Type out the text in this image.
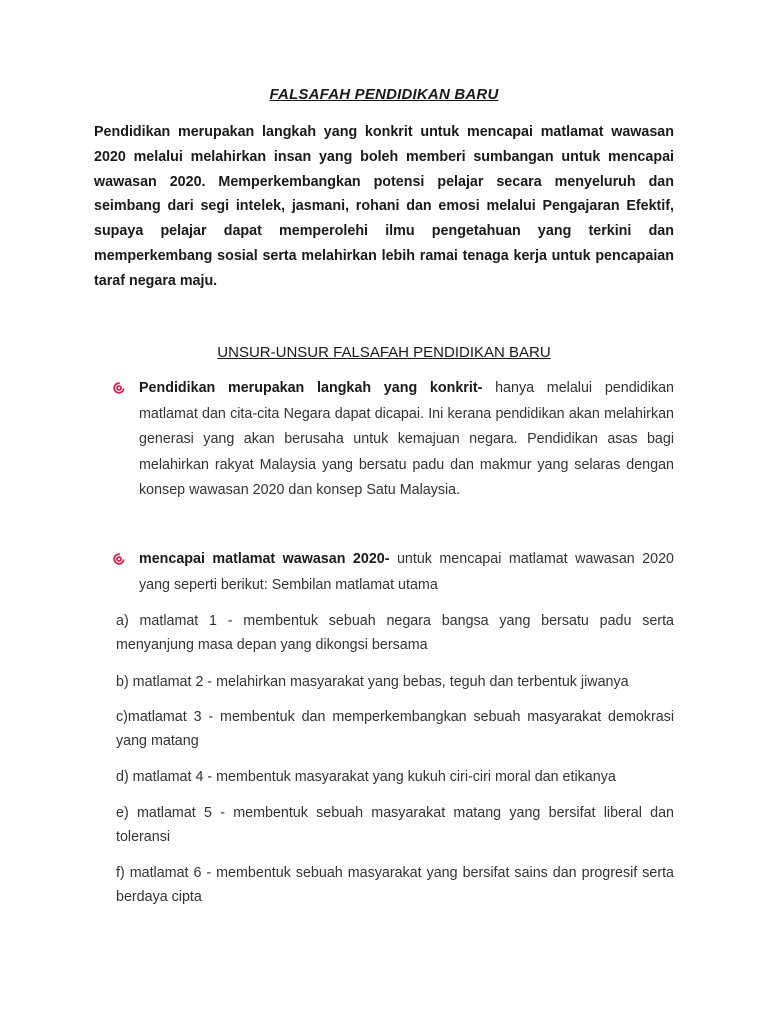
FALSAFAH PENDIDIKAN BARU

Pendidikan merupakan langkah yang konkrit untuk mencapai matlamat wawasan 2020 melalui melahirkan insan yang boleh memberi sumbangan untuk mencapai wawasan 2020. Memperkembangkan potensi pelajar secara menyeluruh dan seimbang dari segi intelek, jasmani, rohani dan emosi melalui Pengajaran Efektif, supaya pelajar dapat memperolehi ilmu pengetahuan yang terkini dan memperkembang sosial serta melahirkan lebih ramai tenaga kerja untuk pencapaian taraf negara maju.

UNSUR-UNSUR FALSAFAH PENDIDIKAN BARU

Pendidikan merupakan langkah yang konkrit- hanya melalui pendidikan matlamat dan cita-cita Negara dapat dicapai. Ini kerana pendidikan akan melahirkan generasi yang akan berusaha untuk kemajuan negara. Pendidikan asas bagi melahirkan rakyat Malaysia yang bersatu padu dan makmur yang selaras dengan konsep wawasan 2020 dan konsep Satu Malaysia.

mencapai matlamat wawasan 2020- untuk mencapai matlamat wawasan 2020 yang seperti berikut: Sembilan matlamat utama

a) matlamat 1 - membentuk sebuah negara bangsa yang bersatu padu serta menyanjung masa depan yang dikongsi bersama

b) matlamat 2 - melahirkan masyarakat yang bebas, teguh dan terbentuk jiwanya

c)matlamat 3 - membentuk dan memperkembangkan sebuah masyarakat demokrasi yang matang

d) matlamat 4 - membentuk masyarakat yang kukuh ciri-ciri moral dan etikanya

e) matlamat 5 - membentuk sebuah masyarakat matang yang bersifat liberal dan toleransi

f) matlamat 6 - membentuk sebuah masyarakat yang bersifat sains dan progresif serta berdaya cipta
